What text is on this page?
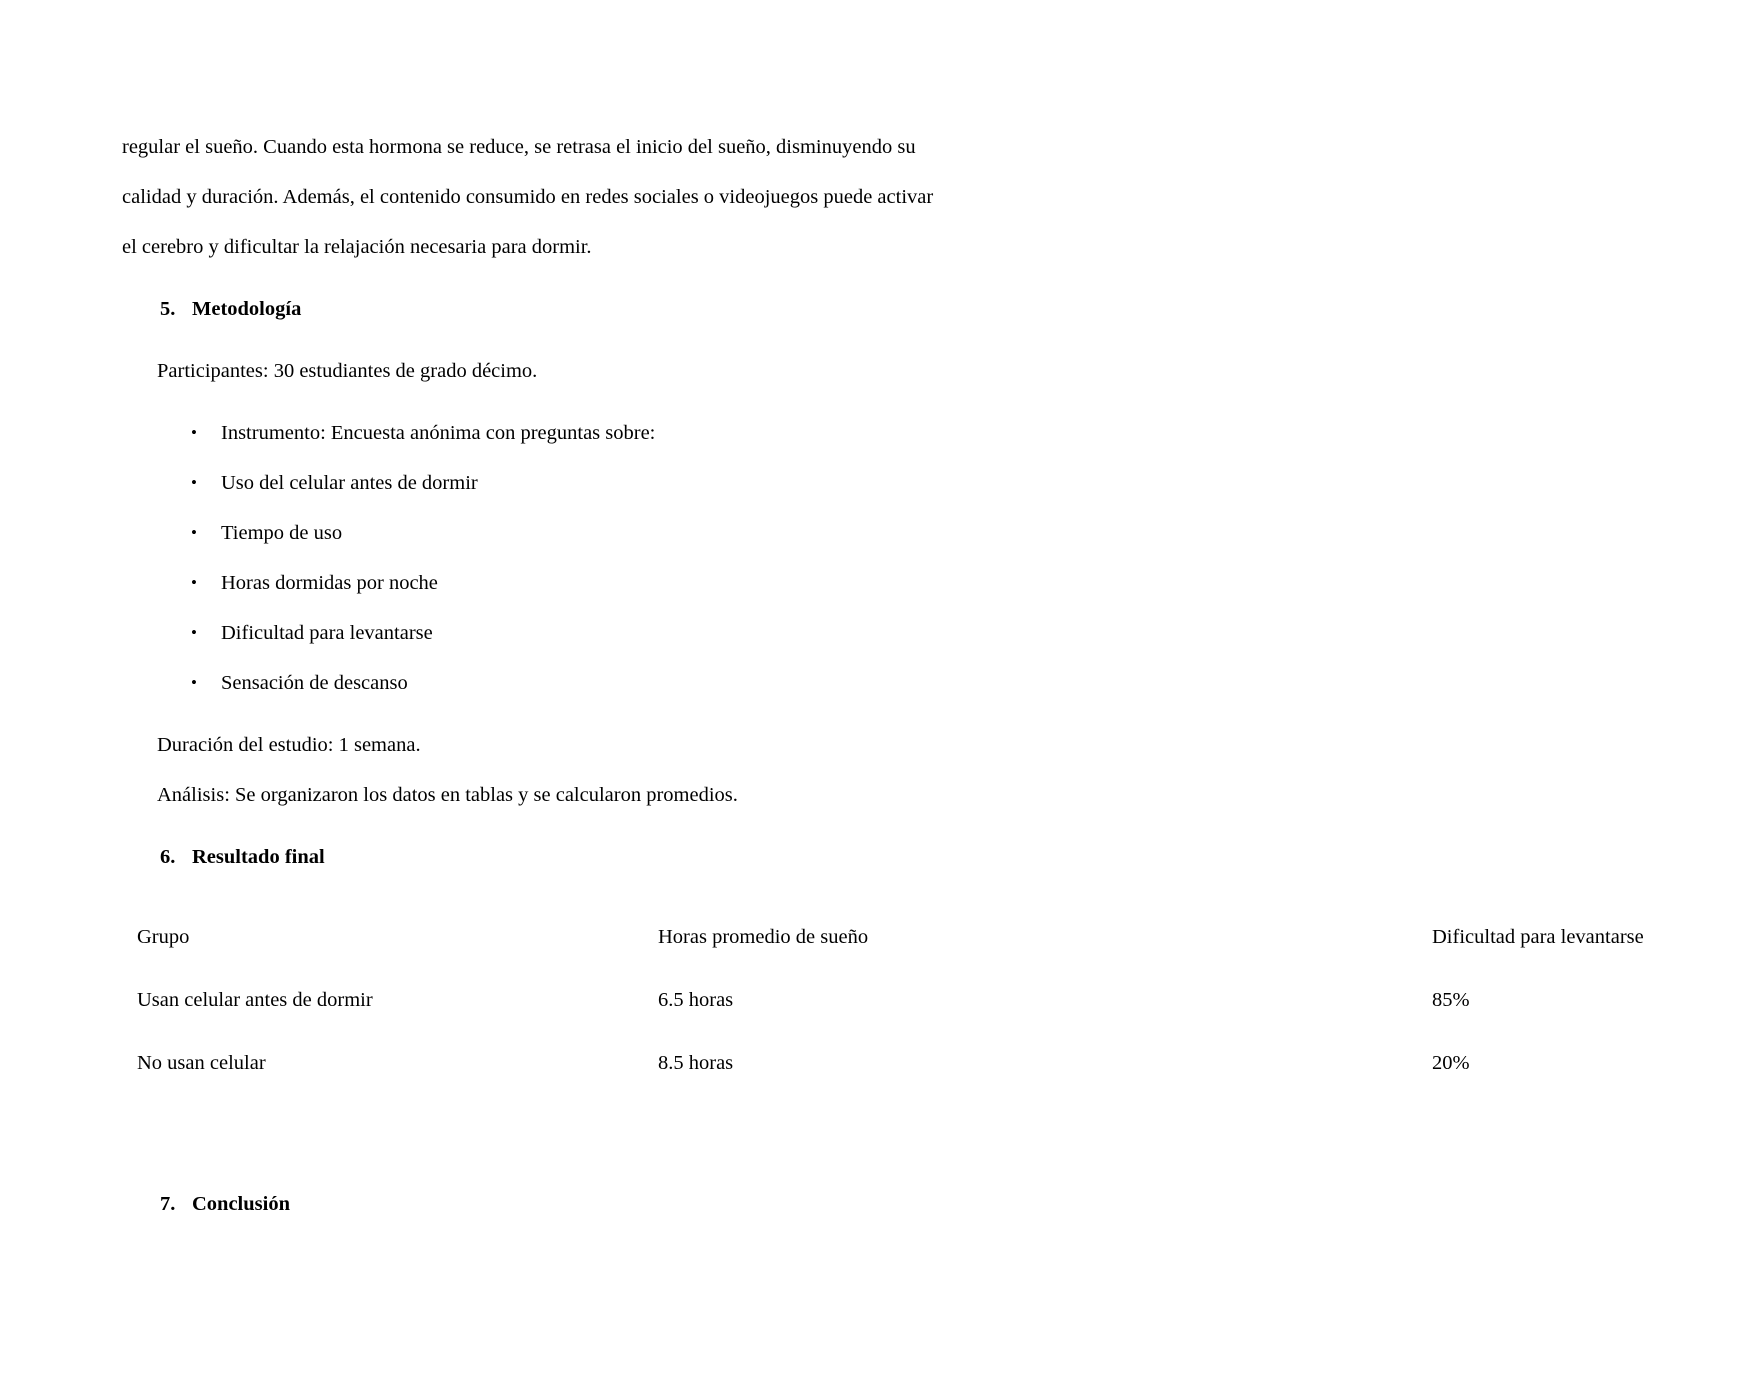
regular el sueño. Cuando esta hormona se reduce, se retrasa el inicio del sueño, disminuyendo su calidad y duración. Además, el contenido consumido en redes sociales o videojuegos puede activar el cerebro y dificultar la relajación necesaria para dormir.

5. Metodología

Participantes: 30 estudiantes de grado décimo.

• Instrumento: Encuesta anónima con preguntas sobre:
• Uso del celular antes de dormir
• Tiempo de uso
• Horas dormidas por noche
• Dificultad para levantarse
• Sensación de descanso

Duración del estudio: 1 semana.

Análisis: Se organizaron los datos en tablas y se calcularon promedios.

6. Resultado final
Grupo	Horas promedio de sueño	Dificultad para levantarse
Usan celular antes de dormir	6.5 horas	85%
No usan celular	8.5 horas	20%
7. Conclusión
